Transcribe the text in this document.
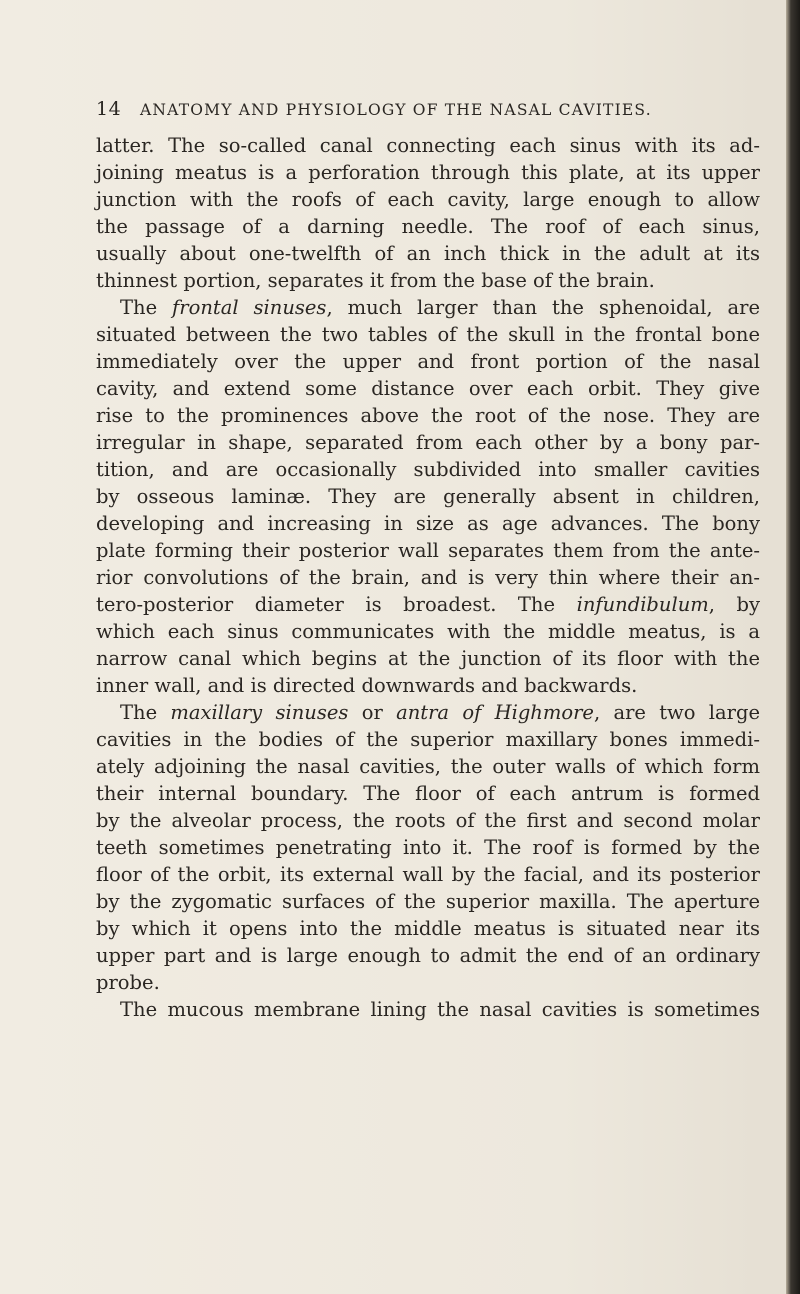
14 ANATOMY AND PHYSIOLOGY OF THE NASAL CAVITIES.
latter. The so-called canal connecting each sinus with its ad-
joining meatus is a perforation through this plate, at its upper
junction with the roofs of each cavity, large enough to allow
the passage of a darning needle. The roof of each sinus,
usually about one-twelfth of an inch thick in the adult at its
thinnest portion, separates it from the base of the brain.
The frontal sinuses, much larger than the sphenoidal, are
situated between the two tables of the skull in the frontal bone
immediately over the upper and front portion of the nasal
cavity, and extend some distance over each orbit. They give
rise to the prominences above the root of the nose. They are
irregular in shape, separated from each other by a bony par-
tition, and are occasionally subdivided into smaller cavities
by osseous laminæ. They are generally absent in children,
developing and increasing in size as age advances. The bony
plate forming their posterior wall separates them from the ante-
rior convolutions of the brain, and is very thin where their an-
tero-posterior diameter is broadest. The infundibulum, by
which each sinus communicates with the middle meatus, is a
narrow canal which begins at the junction of its floor with the
inner wall, and is directed downwards and backwards.
The maxillary sinuses or antra of Highmore, are two large
cavities in the bodies of the superior maxillary bones immedi-
ately adjoining the nasal cavities, the outer walls of which form
their internal boundary. The floor of each antrum is formed
by the alveolar process, the roots of the first and second molar
teeth sometimes penetrating into it. The roof is formed by the
floor of the orbit, its external wall by the facial, and its posterior
by the zygomatic surfaces of the superior maxilla. The aperture
by which it opens into the middle meatus is situated near its
upper part and is large enough to admit the end of an ordinary
probe.
The mucous membrane lining the nasal cavities is sometimes
